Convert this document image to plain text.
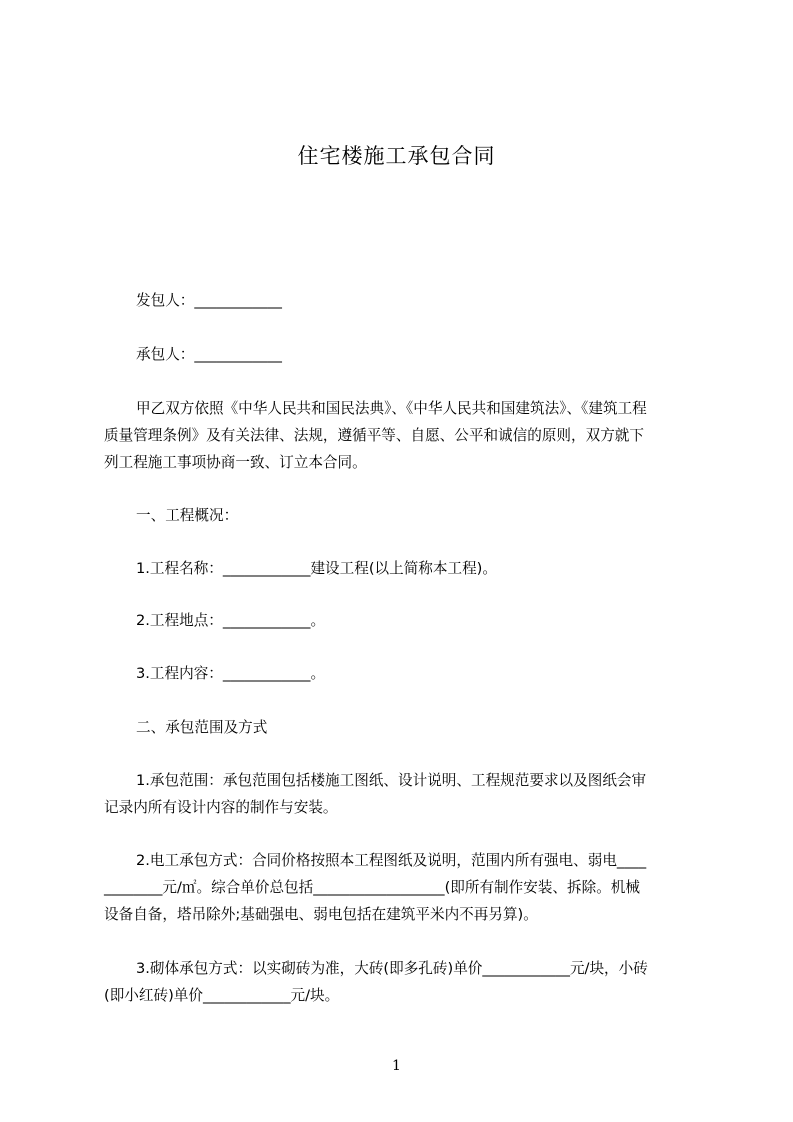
住宅楼施工承包合同
发包人：____________
承包人：____________
甲乙双方依照《中华人民共和国民法典》、《中华人民共和国建筑法》、《建筑工程
质量管理条例》及有关法律、法规，遵循平等、自愿、公平和诚信的原则，双方就下
列工程施工事项协商一致、订立本合同。
一、工程概况：
1.工程名称：____________建设工程(以上简称本工程)。
2.工程地点：____________。
3.工程内容：____________。
二、承包范围及方式
1.承包范围：承包范围包括楼施工图纸、设计说明、工程规范要求以及图纸会审
记录内所有设计内容的制作与安装。
2.电工承包方式：合同价格按照本工程图纸及说明，范围内所有强电、弱电____
________元/㎡。综合单价总包括__________________(即所有制作安装、拆除。机械
设备自备，塔吊除外;基础强电、弱电包括在建筑平米内不再另算)。
3.砌体承包方式：以实砌砖为准，大砖(即多孔砖)单价____________元/块，小砖
(即小红砖)单价____________元/块。
1
